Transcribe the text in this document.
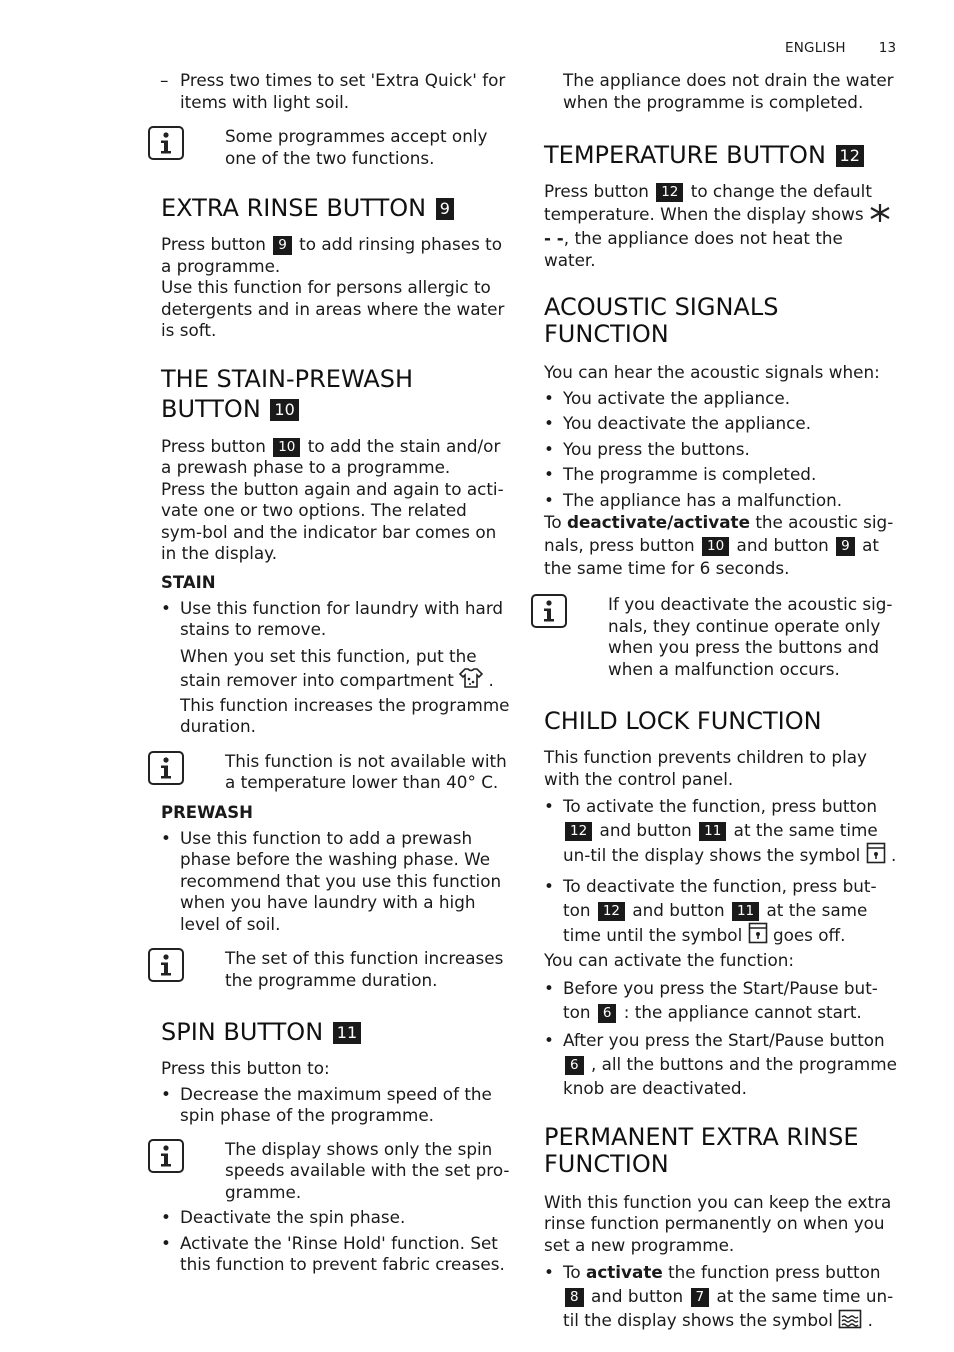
ENGLISH 13

– Press two times to set 'Extra Quick' for items with light soil.

Some programmes accept only one of the two functions.

EXTRA RINSE BUTTON 9

Press button 9 to add rinsing phases to a programme.

Use this function for persons allergic to detergents and in areas where the water is soft.

THE STAIN-PREWASH
BUTTON 10

Press button 10 to add the stain and/or a prewash phase to a programme.

Press the button again and again to acti-vate one or two options. The related sym-bol and the indicator bar comes on in the display.

STAIN
• Use this function for laundry with hard stains to remove.

When you set this function, put the stain remover into compartment . This function increases the programme duration.

This function is not available with a temperature lower than 40° C.

PREWASH
• Use this function to add a prewash phase before the washing phase. We recommend that you use this function when you have laundry with a high level of soil.

The set of this function increases the programme duration.

SPIN BUTTON 11

Press this button to:

• Decrease the maximum speed of the spin phase of the programme.

The display shows only the spin speeds available with the set pro-gramme.

• Deactivate the spin phase.
• Activate the 'Rinse Hold' function. Set this function to prevent fabric creases.

The appliance does not drain the water when the programme is completed.

TEMPERATURE BUTTON 12

Press button 12 to change the default temperature. When the display shows  - -, the appliance does not heat the water.

ACOUSTIC SIGNALS
FUNCTION

You can hear the acoustic signals when:

• You activate the appliance.
• You deactivate the appliance.
• You press the buttons.
• The programme is completed.
• The appliance has a malfunction.

To deactivate/activate the acoustic sig-nals, press button 10 and button 9 at the same time for 6 seconds.

If you deactivate the acoustic sig-nals, they continue operate only when you press the buttons and when a malfunction occurs.

CHILD LOCK FUNCTION

This function prevents children to play with the control panel.

• To activate the function, press button 12 and button 11 at the same time un-til the display shows the symbol .
• To deactivate the function, press but-ton 12 and button 11 at the same time until the symbol goes off.

You can activate the function:

• Before you press the Start/Pause but-ton 6 : the appliance cannot start.
• After you press the Start/Pause button 6 , all the buttons and the programme knob are deactivated.
PERMANENT EXTRA RINSE
FUNCTION

With this function you can keep the extra rinse function permanently on when you set a new programme.

• To activate the function press button 8 and button 7 at the same time un-til the display shows the symbol .
